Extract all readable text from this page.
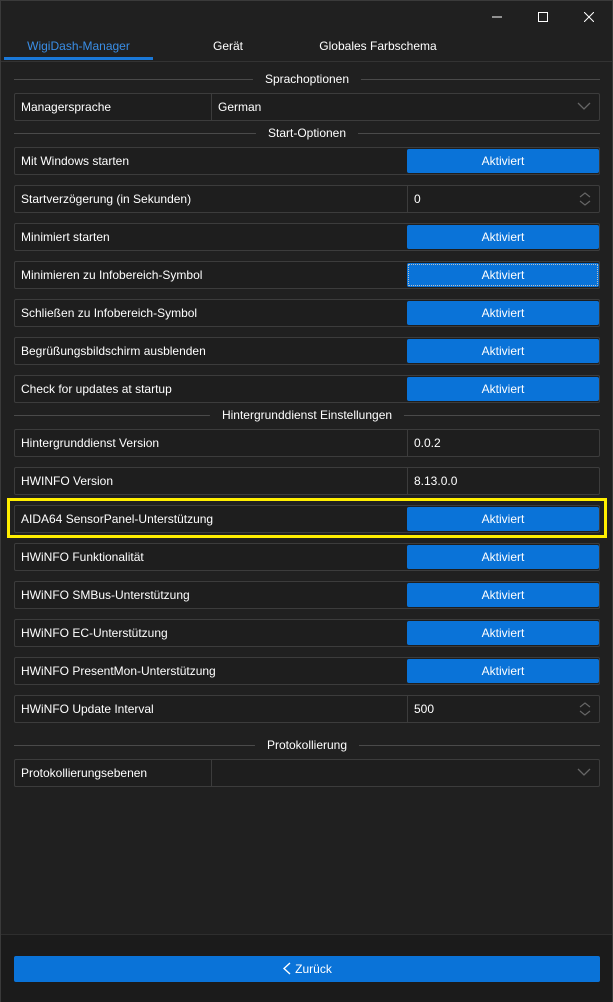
WigiDash-Manager	Gerät	Globales Farbschema
Sprachoptionen
Managersprache	German
Start-Optionen
Mit Windows starten	Aktiviert
Startverzögerung (in Sekunden)	0
Minimiert starten	Aktiviert
Minimieren zu Infobereich-Symbol	Aktiviert
Schließen zu Infobereich-Symbol	Aktiviert
Begrüßungsbildschirm ausblenden	Aktiviert
Check for updates at startup	Aktiviert
Hintergrunddienst Einstellungen
Hintergrunddienst Version	0.0.2
HWINFO Version	8.13.0.0
AIDA64 SensorPanel-Unterstützung	Aktiviert
HWiNFO Funktionalität	Aktiviert
HWiNFO SMBus-Unterstützung	Aktiviert
HWiNFO EC-Unterstützung	Aktiviert
HWiNFO PresentMon-Unterstützung	Aktiviert
HWiNFO Update Interval	500
Protokollierung
Protokollierungsebenen
Zurück
